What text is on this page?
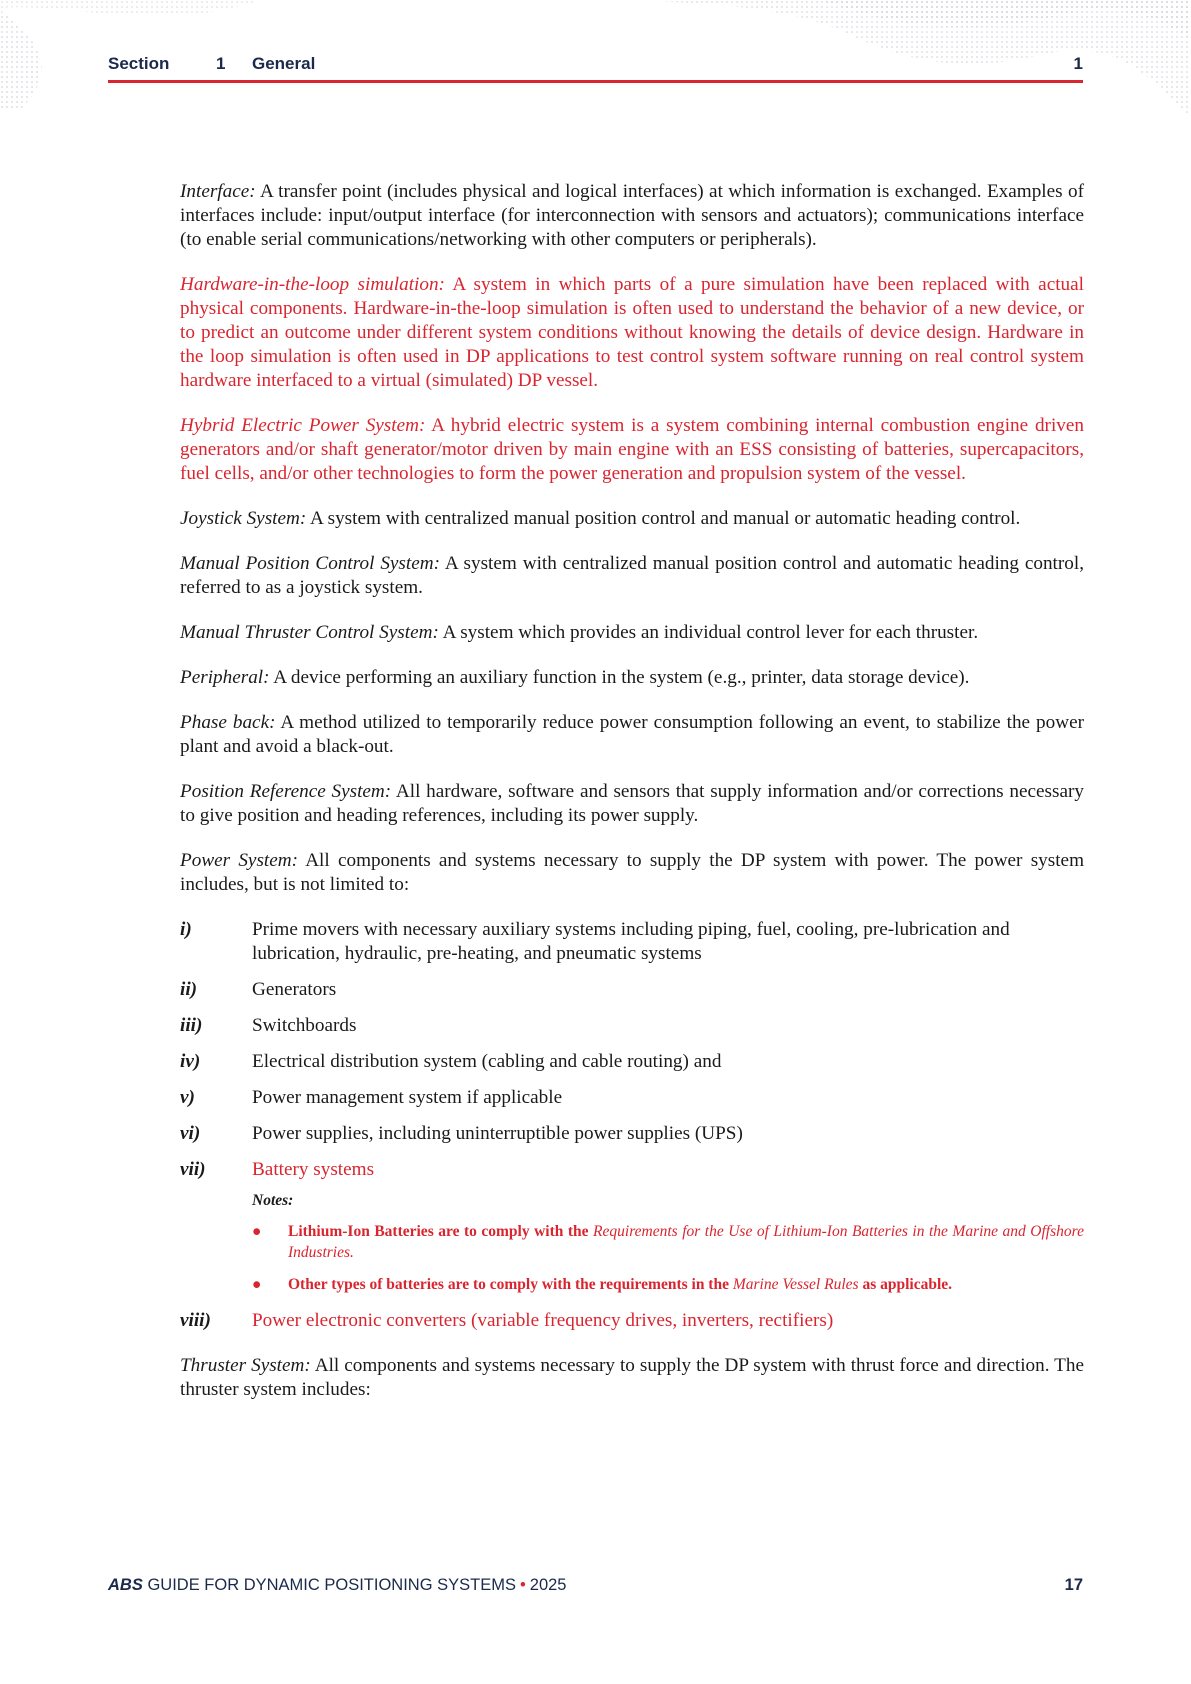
Section	1 General	1

Interface: A transfer point (includes physical and logical interfaces) at which information is exchanged. Examples of interfaces include: input/output interface (for interconnection with sensors and actuators); communications interface (to enable serial communications/networking with other computers or peripherals).

Hardware-in-the-loop simulation: A system in which parts of a pure simulation have been replaced with actual physical components. Hardware-in-the-loop simulation is often used to understand the behavior of a new device, or to predict an outcome under different system conditions without knowing the details of device design. Hardware in the loop simulation is often used in DP applications to test control system software running on real control system hardware interfaced to a virtual (simulated) DP vessel.

Hybrid Electric Power System: A hybrid electric system is a system combining internal combustion engine driven generators and/or shaft generator/motor driven by main engine with an ESS consisting of batteries, supercapacitors, fuel cells, and/or other technologies to form the power generation and propulsion system of the vessel.

Joystick System: A system with centralized manual position control and manual or automatic heading control.

Manual Position Control System: A system with centralized manual position control and automatic heading control, referred to as a joystick system.

Manual Thruster Control System: A system which provides an individual control lever for each thruster.

Peripheral: A device performing an auxiliary function in the system (e.g., printer, data storage device).

Phase back: A method utilized to temporarily reduce power consumption following an event, to stabilize the power plant and avoid a black-out.

Position Reference System: All hardware, software and sensors that supply information and/or corrections necessary to give position and heading references, including its power supply.

Power System: All components and systems necessary to supply the DP system with power. The power system includes, but is not limited to:

i)	Prime movers with necessary auxiliary systems including piping, fuel, cooling, pre-lubrication and lubrication, hydraulic, pre-heating, and pneumatic systems
ii)	Generators
iii)	Switchboards
iv)	Electrical distribution system (cabling and cable routing) and
v)	Power management system if applicable
vi)	Power supplies, including uninterruptible power supplies (UPS)
vii) Battery systems
Notes:
● Lithium-Ion Batteries are to comply with the Requirements for the Use of Lithium-Ion Batteries in the Marine and Offshore Industries.
● Other types of batteries are to comply with the requirements in the Marine Vessel Rules as applicable.
viii) Power electronic converters (variable frequency drives, inverters, rectifiers)

Thruster System: All components and systems necessary to supply the DP system with thrust force and direction. The thruster system includes:

ABS GUIDE FOR DYNAMIC POSITIONING SYSTEMS • 2025	17
